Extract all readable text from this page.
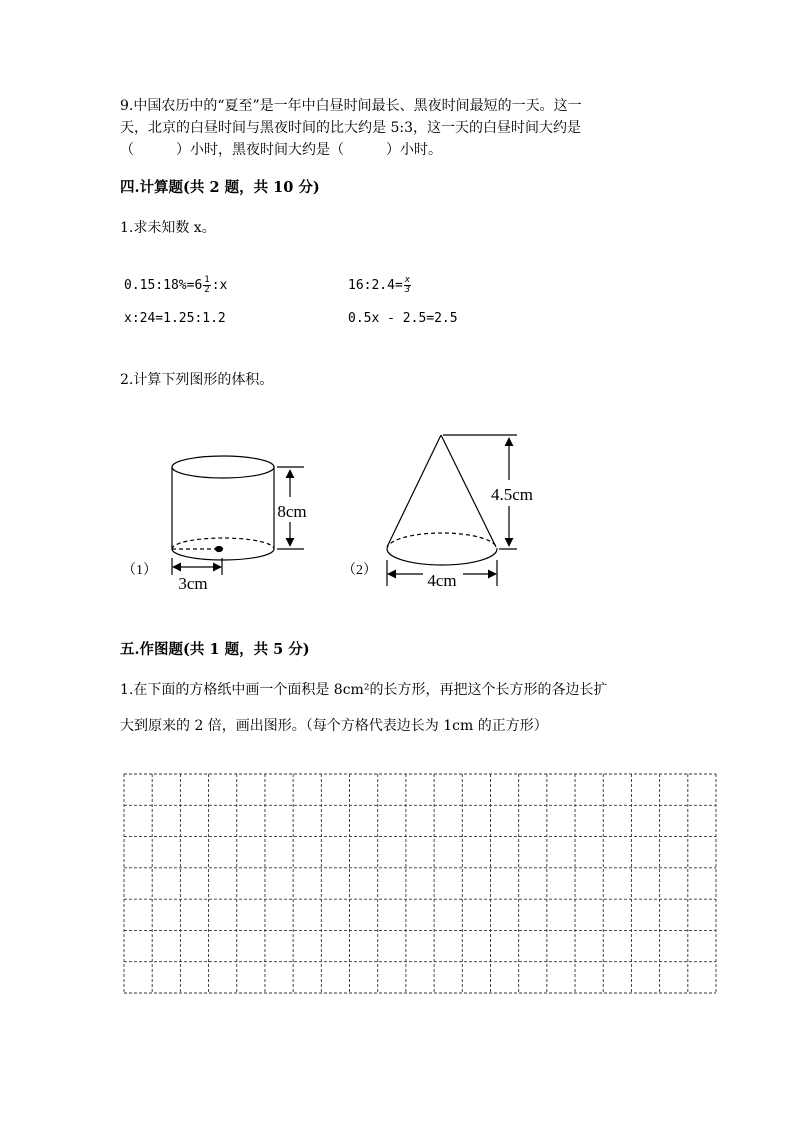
9.中国农历中的“夏至”是一年中白昼时间最长、黑夜时间最短的一天。这一
天，北京的白昼时间与黑夜时间的比大约是 5:3，这一天的白昼时间大约是
（　　　）小时，黑夜时间大约是（　　　）小时。
四.计算题(共 2 题，共 10 分)
1.求未知数 x。
0.15:18%=6 $\frac{1}{2}$ :x	16:2.4= $\frac{x}{3}$
x:24=1.25:1.2	0.5x - 2.5=2.5
2.计算下列图形的体积。
五.作图题(共 1 题，共 5 分)
1.在下面的方格纸中画一个面积是 8cm²的长方形，再把这个长方形的各边长扩
大到原来的 2 倍，画出图形。（每个方格代表边长为 1cm 的正方形）
8cm
3cm
（1）
4.5cm
4cm
（2）
